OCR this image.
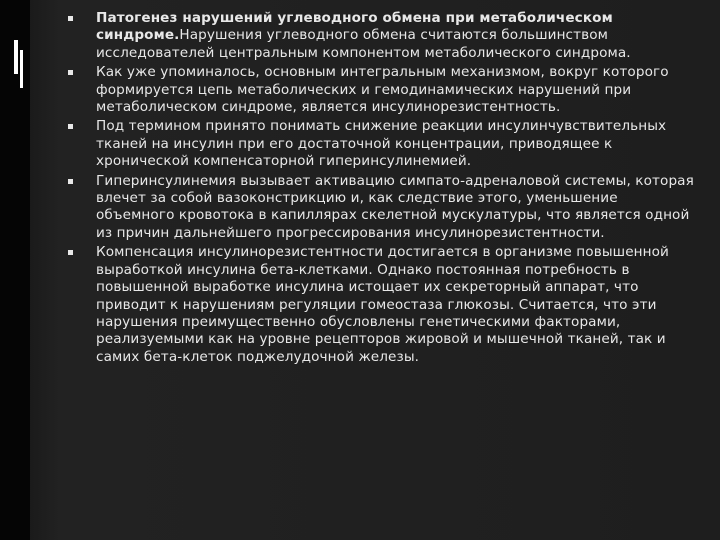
Патогенез нарушений углеводного обмена при метаболическом синдроме.Нарушения углеводного обмена считаются большинством исследователей центральным компонентом метаболического синдрома.
Как уже упоминалось, основным интегральным механизмом, вокруг которого формируется цепь метаболических и гемодинамических нарушений при метаболическом синдроме, является инсулинорезистентность.
Под термином принято понимать снижение реакции инсулинчувствительных тканей на инсулин при его достаточной концентрации, приводящее к хронической компенсаторной гиперинсулинемией.
Гиперинсулинемия вызывает активацию симпато-адреналовой системы, которая влечет за собой вазоконстрикцию и, как следствие этого, уменьшение объемного кровотока в капиллярах скелетной мускулатуры, что является одной из причин дальнейшего прогрессирования инсулинорезистентности.
Компенсация инсулинорезистентности достигается в организме повышенной выработкой инсулина бета-клетками. Однако постоянная потребность в повышенной выработке инсулина истощает их секреторный аппарат, что приводит к нарушениям регуляции гомеостаза глюкозы. Считается, что эти нарушения преимущественно обусловлены генетическими факторами, реализуемыми как на уровне рецепторов жировой и мышечной тканей, так и самих бета-клеток поджелудочной железы.
